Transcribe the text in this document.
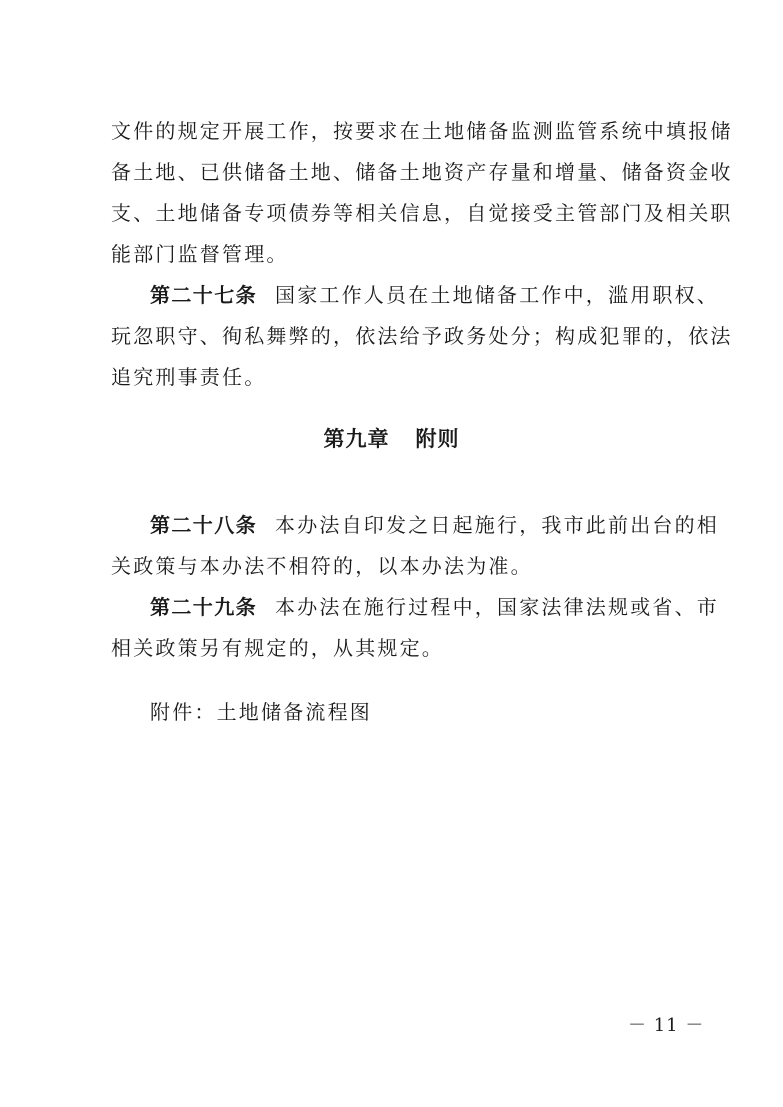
文件的规定开展工作，按要求在土地储备监测监管系统中填报储
备土地、已供储备土地、储备土地资产存量和增量、储备资金收
支、土地储备专项债券等相关信息，自觉接受主管部门及相关职
能部门监督管理。
第二十七条 国家工作人员在土地储备工作中，滥用职权、
玩忽职守、徇私舞弊的，依法给予政务处分；构成犯罪的，依法
追究刑事责任。
第九章 附则
第二十八条 本办法自印发之日起施行，我市此前出台的相
关政策与本办法不相符的，以本办法为准。
第二十九条 本办法在施行过程中，国家法律法规或省、市
相关政策另有规定的，从其规定。
附件：土地储备流程图
－ 11 －
